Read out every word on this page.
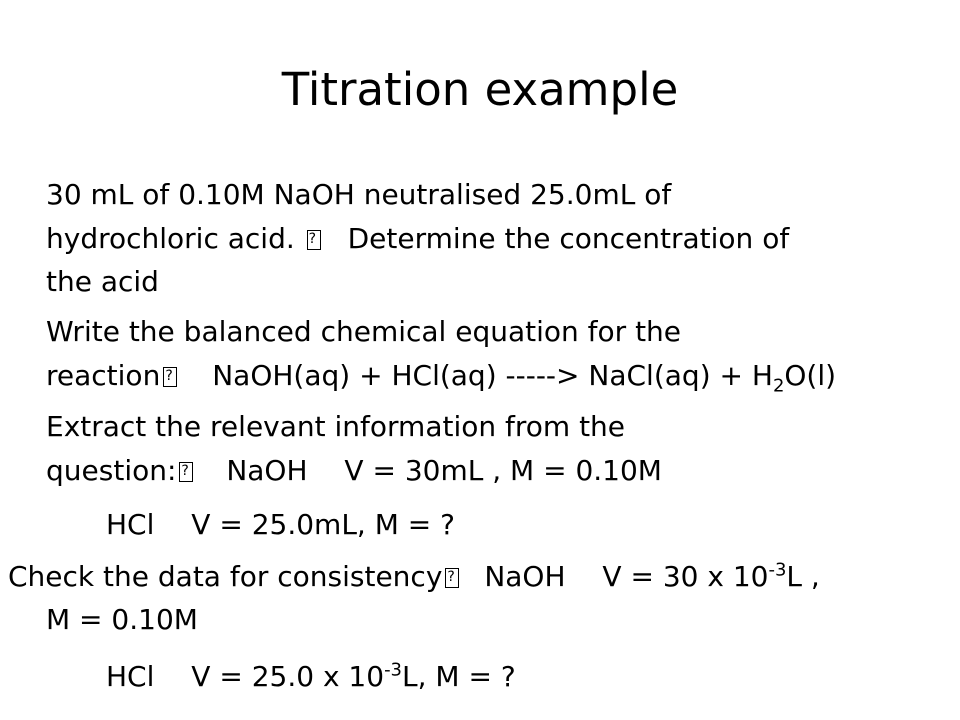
Titration example
30 mL of 0.10M NaOH neutralised 25.0mL of
hydrochloric acid. ? Determine the concentration of
the acid
Write the balanced chemical equation for the
reaction ? NaOH(aq) + HCl(aq) -----> NaCl(aq) + $H_2O(l)$
Extract the relevant information from the
question: ? NaOH V = 30mL , M = 0.10M
HCl V = 25.0mL, M = ?
Check the data for consistency ? NaOH V = 30 x $10^{-3}L$ ,
M = 0.10M
HCl V = 25.0 x $10^{-3}L$, M = ?
